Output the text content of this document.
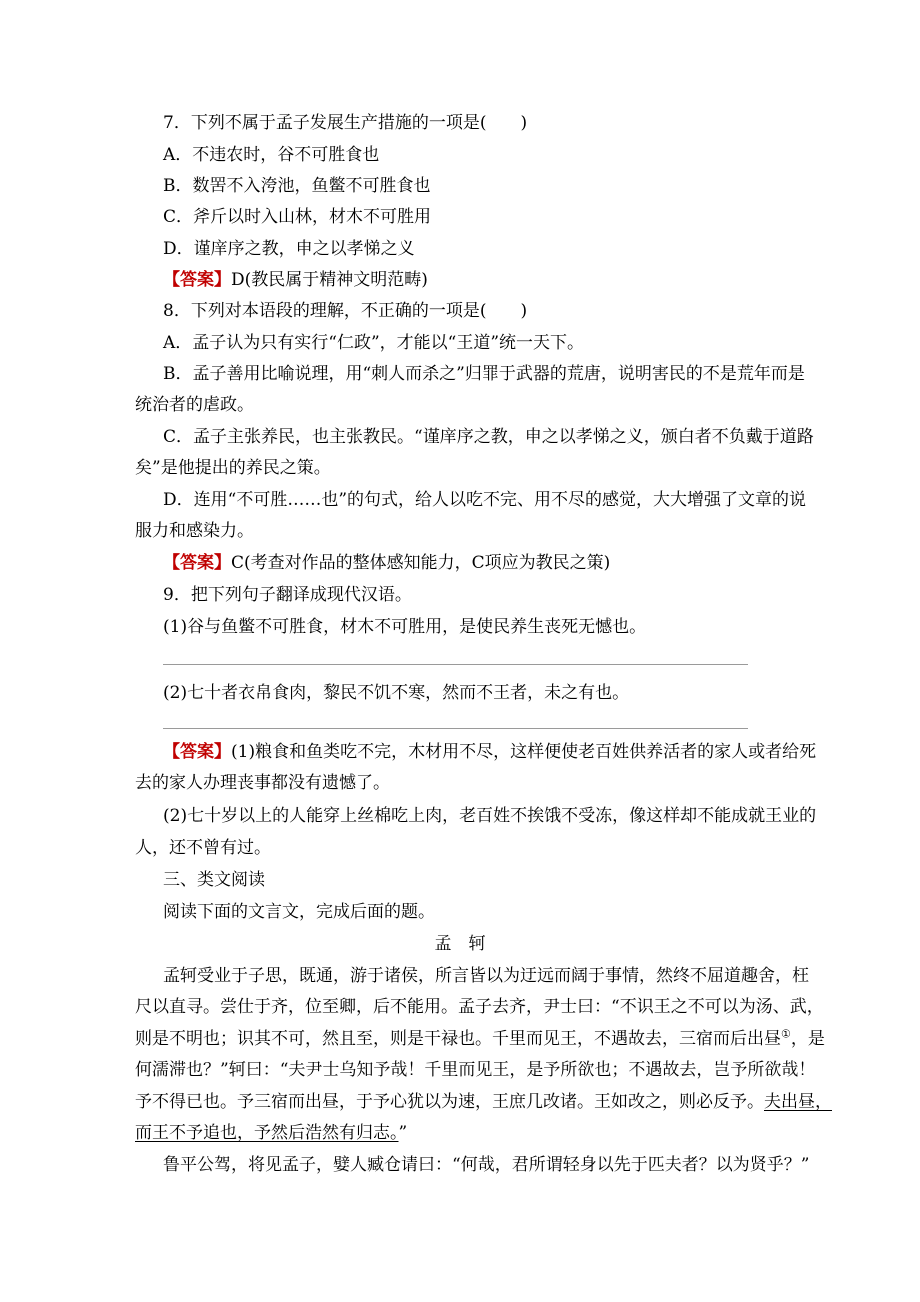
7．下列不属于孟子发展生产措施的一项是(　　)
A．不违农时，谷不可胜食也
B．数罟不入洿池，鱼鳖不可胜食也
C．斧斤以时入山林，材木不可胜用
D．谨庠序之教，申之以孝悌之义
【答案】D(教民属于精神文明范畴)
8．下列对本语段的理解，不正确的一项是(　　)
A．孟子认为只有实行“仁政”，才能以“王道”统一天下。
B．孟子善用比喻说理，用“刺人而杀之”归罪于武器的荒唐，说明害民的不是荒年而是
统治者的虐政。
C．孟子主张养民，也主张教民。“谨庠序之教，申之以孝悌之义，颁白者不负戴于道路
矣”是他提出的养民之策。
D．连用“不可胜……也”的句式，给人以吃不完、用不尽的感觉，大大增强了文章的说
服力和感染力。
【答案】C(考查对作品的整体感知能力，C项应为教民之策)
9．把下列句子翻译成现代汉语。
(1)谷与鱼鳖不可胜食，材木不可胜用，是使民养生丧死无憾也。
(2)七十者衣帛食肉，黎民不饥不寒，然而不王者，未之有也。
【答案】(1)粮食和鱼类吃不完，木材用不尽，这样便使老百姓供养活者的家人或者给死
去的家人办理丧事都没有遗憾了。
(2)七十岁以上的人能穿上丝棉吃上肉，老百姓不挨饿不受冻，像这样却不能成就王业的
人，还不曾有过。
三、类文阅读
阅读下面的文言文，完成后面的题。
孟　轲
孟轲受业于子思，既通，游于诸侯，所言皆以为迂远而阔于事情，然终不屈道趣舍，枉
尺以直寻。尝仕于齐，位至卿，后不能用。孟子去齐，尹士曰：“不识王之不可以为汤、武，
则是不明也；识其不可，然且至，则是干禄也。千里而见王，不遇故去，三宿而后出昼①，是
何濡滞也？”轲曰：“夫尹士乌知予哉！千里而见王，是予所欲也；不遇故去，岂予所欲哉！
予不得已也。予三宿而出昼，于予心犹以为速，王庶几改诸。王如改之，则必反予。夫出昼，
而王不予追也，予然后浩然有归志。”
鲁平公驾，将见孟子，嬖人臧仓请曰：“何哉，君所谓轻身以先于匹夫者？以为贤乎？”
